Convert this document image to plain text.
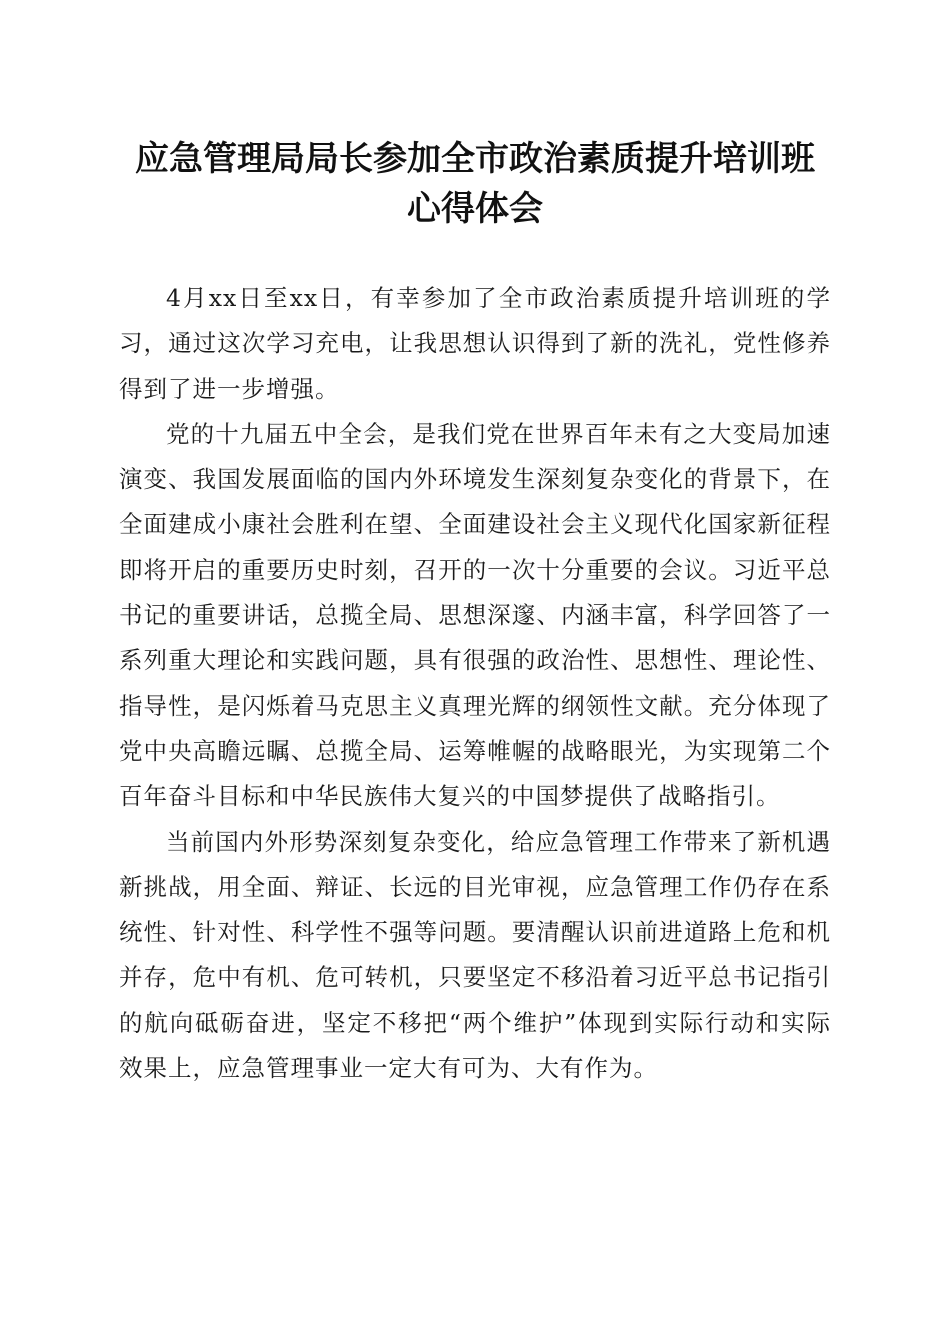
应急管理局局长参加全市政治素质提升培训班
心得体会

4月xx日至xx日，有幸参加了全市政治素质提升培训班的学习，通过这次学习充电，让我思想认识得到了新的洗礼，党性修养得到了进一步增强。

党的十九届五中全会，是我们党在世界百年未有之大变局加速演变、我国发展面临的国内外环境发生深刻复杂变化的背景下，在全面建成小康社会胜利在望、全面建设社会主义现代化国家新征程即将开启的重要历史时刻，召开的一次十分重要的会议。习近平总书记的重要讲话，总揽全局、思想深邃、内涵丰富，科学回答了一系列重大理论和实践问题，具有很强的政治性、思想性、理论性、指导性，是闪烁着马克思主义真理光辉的纲领性文献。充分体现了党中央高瞻远瞩、总揽全局、运筹帷幄的战略眼光，为实现第二个百年奋斗目标和中华民族伟大复兴的中国梦提供了战略指引。

当前国内外形势深刻复杂变化，给应急管理工作带来了新机遇新挑战，用全面、辩证、长远的目光审视，应急管理工作仍存在系统性、针对性、科学性不强等问题。要清醒认识前进道路上危和机并存，危中有机、危可转机，只要坚定不移沿着习近平总书记指引的航向砥砺奋进，坚定不移把“两个维护”体现到实际行动和实际效果上，应急管理事业一定大有可为、大有作为。
